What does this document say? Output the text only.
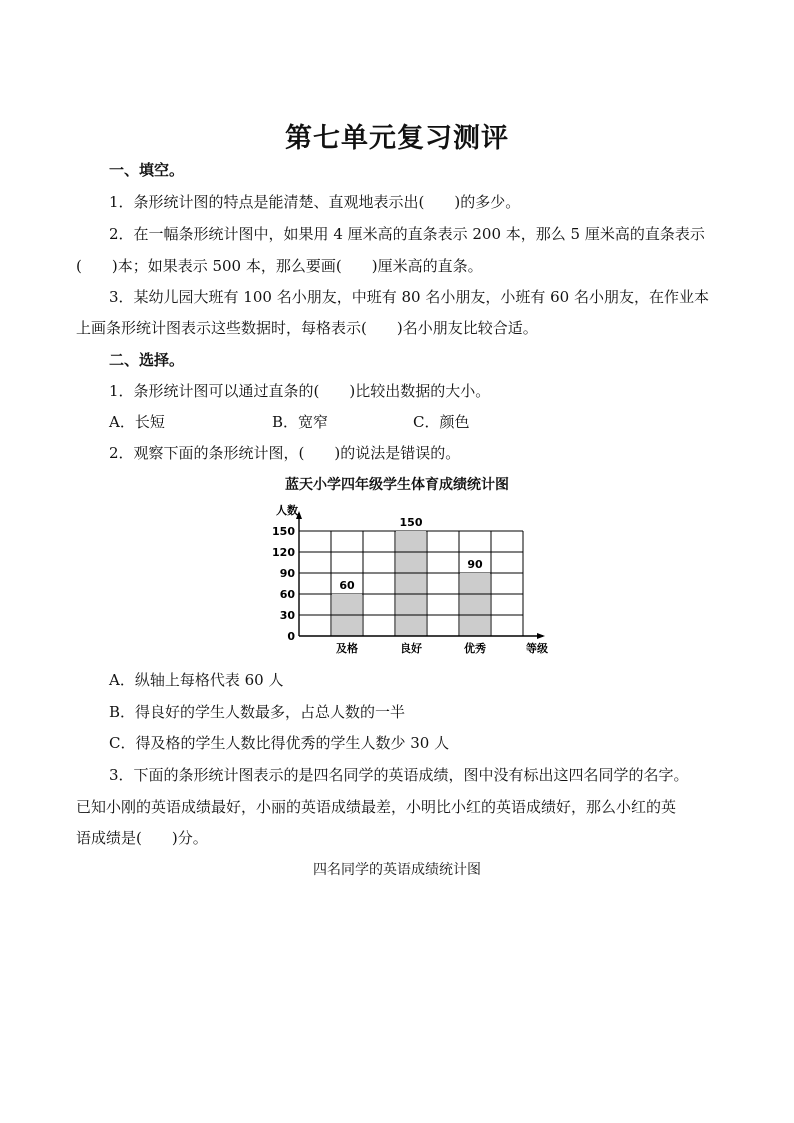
第七单元复习测评
一、填空。
1．条形统计图的特点是能清楚、直观地表示出(　　)的多少。
2．在一幅条形统计图中，如果用 4 厘米高的直条表示 200 本，那么 5 厘米高的直条表示
(　　)本；如果表示 500 本，那么要画(　　)厘米高的直条。
3．某幼儿园大班有 100 名小朋友，中班有 80 名小朋友，小班有 60 名小朋友，在作业本
上画条形统计图表示这些数据时，每格表示(　　)名小朋友比较合适。
二、选择。
1．条形统计图可以通过直条的(　　)比较出数据的大小。
A．长短	B．宽窄	C．颜色
2．观察下面的条形统计图，(　　)的说法是错误的。
蓝天小学四年级学生体育成绩统计图
60
及格
150
良好
90
优秀
0
30
60
90
120
150
人数
等级
A．纵轴上每格代表 60 人
B．得良好的学生人数最多，占总人数的一半
C．得及格的学生人数比得优秀的学生人数少 30 人
3．下面的条形统计图表示的是四名同学的英语成绩，图中没有标出这四名同学的名字。
已知小刚的英语成绩最好，小丽的英语成绩最差，小明比小红的英语成绩好，那么小红的英
语成绩是(　　)分。
四名同学的英语成绩统计图
